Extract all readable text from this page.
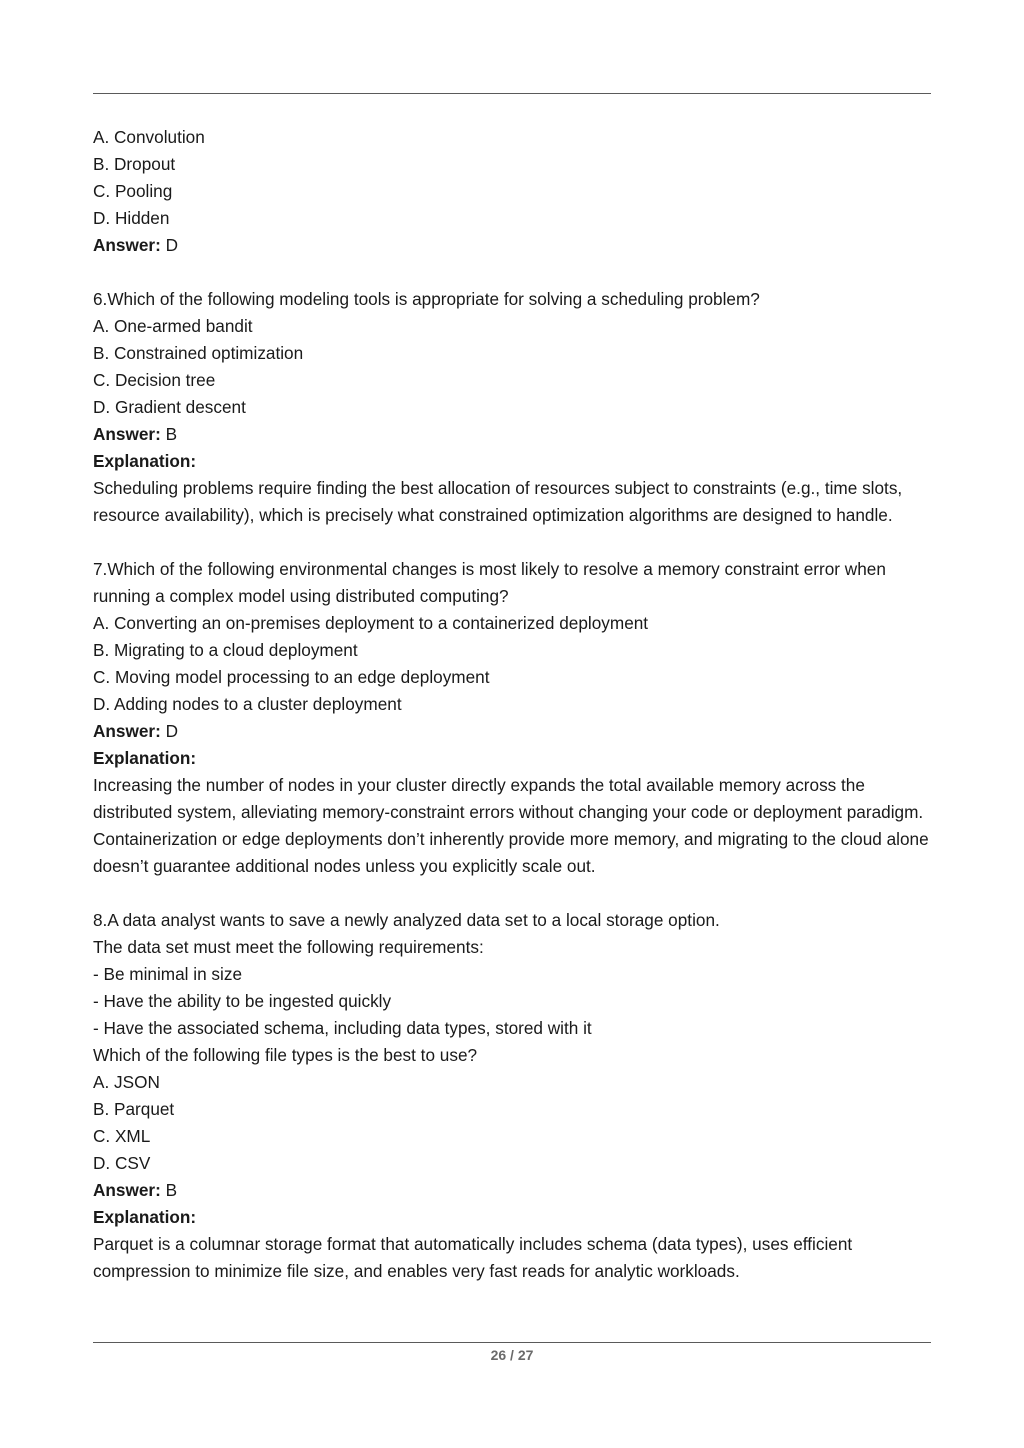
A. Convolution
B. Dropout
C. Pooling
D. Hidden
Answer: D
6.Which of the following modeling tools is appropriate for solving a scheduling problem?
A. One-armed bandit
B. Constrained optimization
C. Decision tree
D. Gradient descent
Answer: B
Explanation:
Scheduling problems require finding the best allocation of resources subject to constraints (e.g., time slots, resource availability), which is precisely what constrained optimization algorithms are designed to handle.
7.Which of the following environmental changes is most likely to resolve a memory constraint error when running a complex model using distributed computing?
A. Converting an on-premises deployment to a containerized deployment
B. Migrating to a cloud deployment
C. Moving model processing to an edge deployment
D. Adding nodes to a cluster deployment
Answer: D
Explanation:
Increasing the number of nodes in your cluster directly expands the total available memory across the distributed system, alleviating memory-constraint errors without changing your code or deployment paradigm. Containerization or edge deployments don’t inherently provide more memory, and migrating to the cloud alone doesn’t guarantee additional nodes unless you explicitly scale out.
8.A data analyst wants to save a newly analyzed data set to a local storage option.
The data set must meet the following requirements:
- Be minimal in size
- Have the ability to be ingested quickly
- Have the associated schema, including data types, stored with it
Which of the following file types is the best to use?
A. JSON
B. Parquet
C. XML
D. CSV
Answer: B
Explanation:
Parquet is a columnar storage format that automatically includes schema (data types), uses efficient compression to minimize file size, and enables very fast reads for analytic workloads.
26 / 27
